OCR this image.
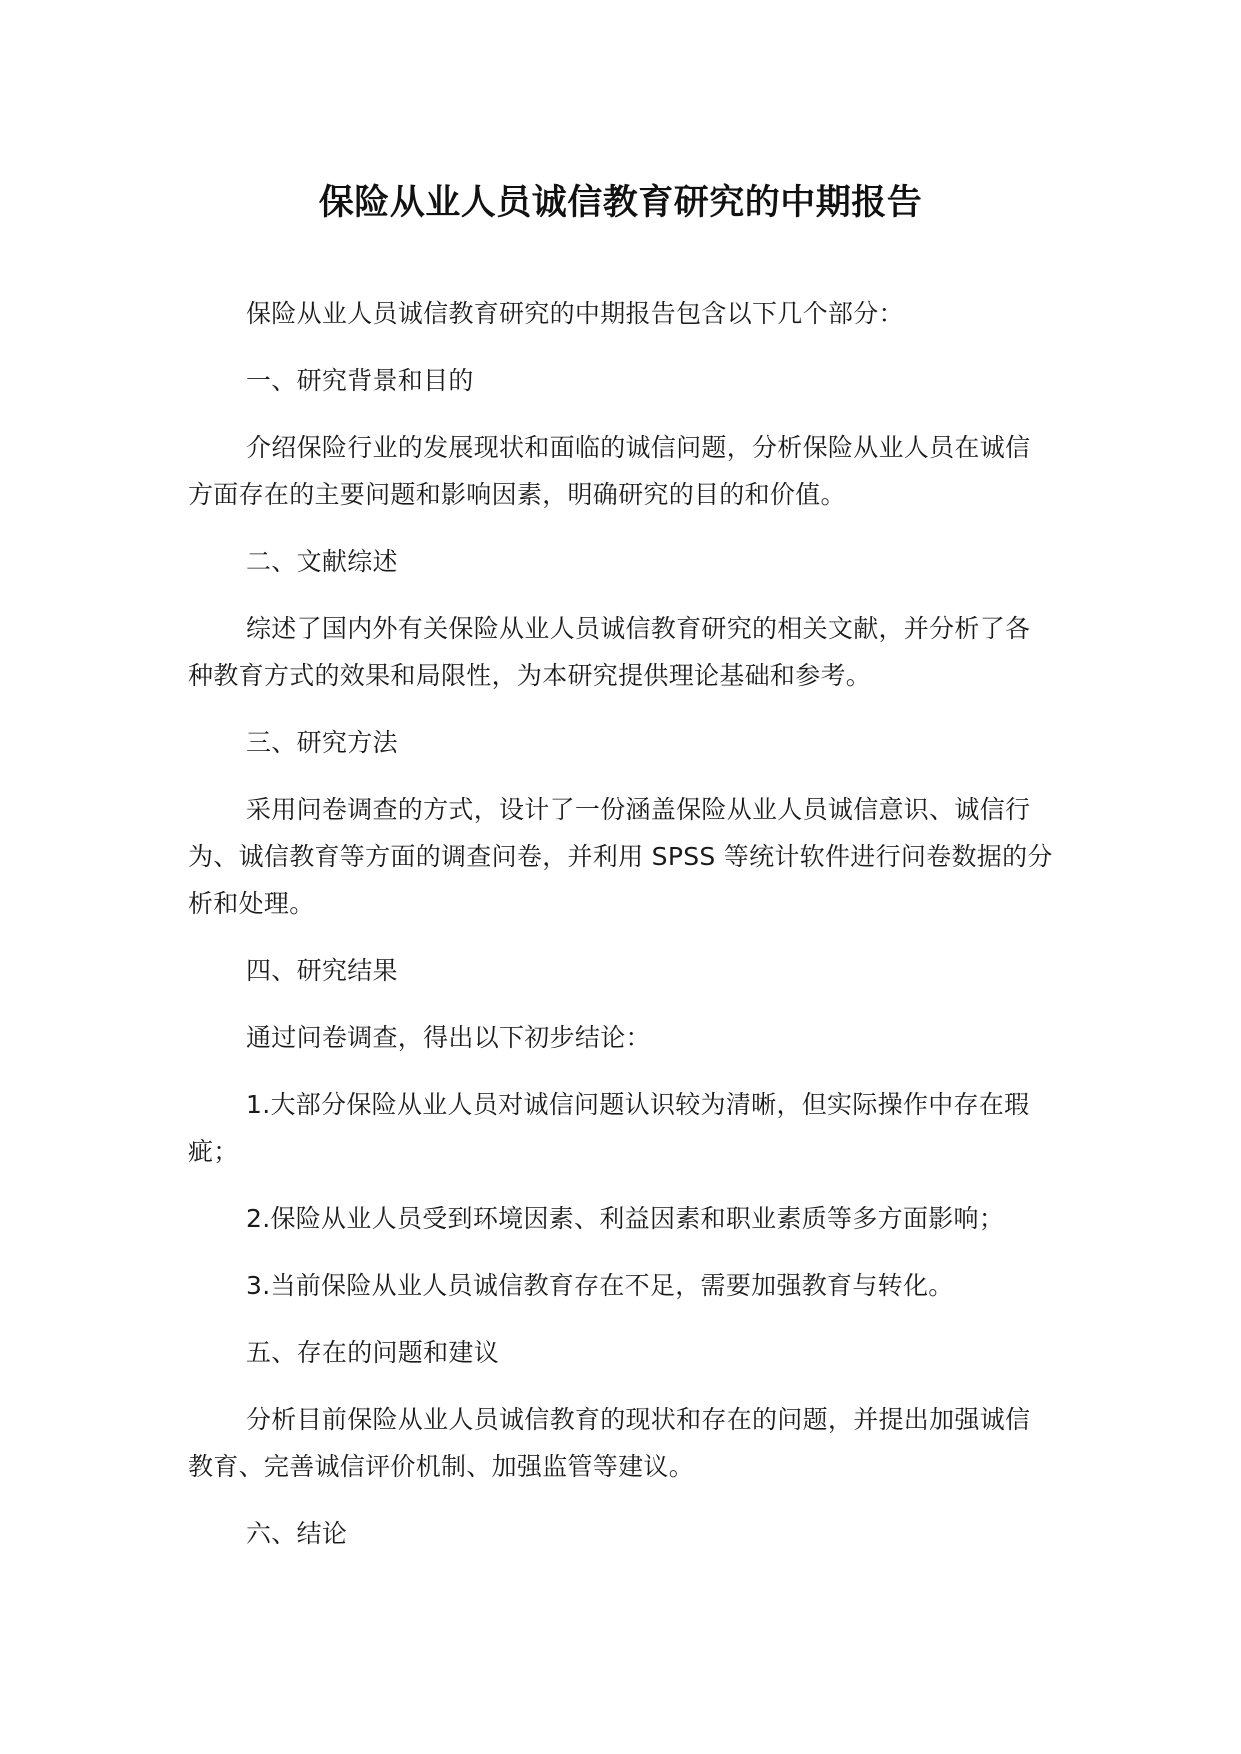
保险从业人员诚信教育研究的中期报告

保险从业人员诚信教育研究的中期报告包含以下几个部分：

一、研究背景和目的

介绍保险行业的发展现状和面临的诚信问题，分析保险从业人员在诚信方面存在的主要问题和影响因素，明确研究的目的和价值。

二、文献综述

综述了国内外有关保险从业人员诚信教育研究的相关文献，并分析了各种教育方式的效果和局限性，为本研究提供理论基础和参考。

三、研究方法

采用问卷调查的方式，设计了一份涵盖保险从业人员诚信意识、诚信行为、诚信教育等方面的调查问卷，并利用 SPSS 等统计软件进行问卷数据的分析和处理。

四、研究结果

通过问卷调查，得出以下初步结论：

1.大部分保险从业人员对诚信问题认识较为清晰，但实际操作中存在瑕疵；

2.保险从业人员受到环境因素、利益因素和职业素质等多方面影响；

3.当前保险从业人员诚信教育存在不足，需要加强教育与转化。

五、存在的问题和建议

分析目前保险从业人员诚信教育的现状和存在的问题，并提出加强诚信教育、完善诚信评价机制、加强监管等建议。

六、结论
